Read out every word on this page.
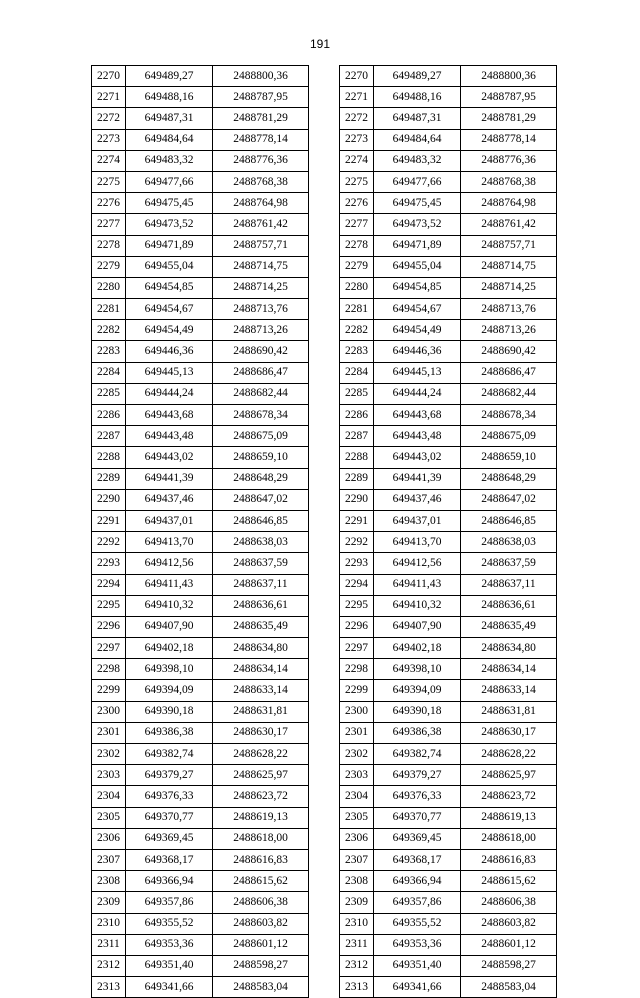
191
2270	649489,27	2488800,36
2271	649488,16	2488787,95
2272	649487,31	2488781,29
2273	649484,64	2488778,14
2274	649483,32	2488776,36
2275	649477,66	2488768,38
2276	649475,45	2488764,98
2277	649473,52	2488761,42
2278	649471,89	2488757,71
2279	649455,04	2488714,75
2280	649454,85	2488714,25
2281	649454,67	2488713,76
2282	649454,49	2488713,26
2283	649446,36	2488690,42
2284	649445,13	2488686,47
2285	649444,24	2488682,44
2286	649443,68	2488678,34
2287	649443,48	2488675,09
2288	649443,02	2488659,10
2289	649441,39	2488648,29
2290	649437,46	2488647,02
2291	649437,01	2488646,85
2292	649413,70	2488638,03
2293	649412,56	2488637,59
2294	649411,43	2488637,11
2295	649410,32	2488636,61
2296	649407,90	2488635,49
2297	649402,18	2488634,80
2298	649398,10	2488634,14
2299	649394,09	2488633,14
2300	649390,18	2488631,81
2301	649386,38	2488630,17
2302	649382,74	2488628,22
2303	649379,27	2488625,97
2304	649376,33	2488623,72
2305	649370,77	2488619,13
2306	649369,45	2488618,00
2307	649368,17	2488616,83
2308	649366,94	2488615,62
2309	649357,86	2488606,38
2310	649355,52	2488603,82
2311	649353,36	2488601,12
2312	649351,40	2488598,27
2313	649341,66	2488583,04
2270	649489,27	2488800,36
2271	649488,16	2488787,95
2272	649487,31	2488781,29
2273	649484,64	2488778,14
2274	649483,32	2488776,36
2275	649477,66	2488768,38
2276	649475,45	2488764,98
2277	649473,52	2488761,42
2278	649471,89	2488757,71
2279	649455,04	2488714,75
2280	649454,85	2488714,25
2281	649454,67	2488713,76
2282	649454,49	2488713,26
2283	649446,36	2488690,42
2284	649445,13	2488686,47
2285	649444,24	2488682,44
2286	649443,68	2488678,34
2287	649443,48	2488675,09
2288	649443,02	2488659,10
2289	649441,39	2488648,29
2290	649437,46	2488647,02
2291	649437,01	2488646,85
2292	649413,70	2488638,03
2293	649412,56	2488637,59
2294	649411,43	2488637,11
2295	649410,32	2488636,61
2296	649407,90	2488635,49
2297	649402,18	2488634,80
2298	649398,10	2488634,14
2299	649394,09	2488633,14
2300	649390,18	2488631,81
2301	649386,38	2488630,17
2302	649382,74	2488628,22
2303	649379,27	2488625,97
2304	649376,33	2488623,72
2305	649370,77	2488619,13
2306	649369,45	2488618,00
2307	649368,17	2488616,83
2308	649366,94	2488615,62
2309	649357,86	2488606,38
2310	649355,52	2488603,82
2311	649353,36	2488601,12
2312	649351,40	2488598,27
2313	649341,66	2488583,04
